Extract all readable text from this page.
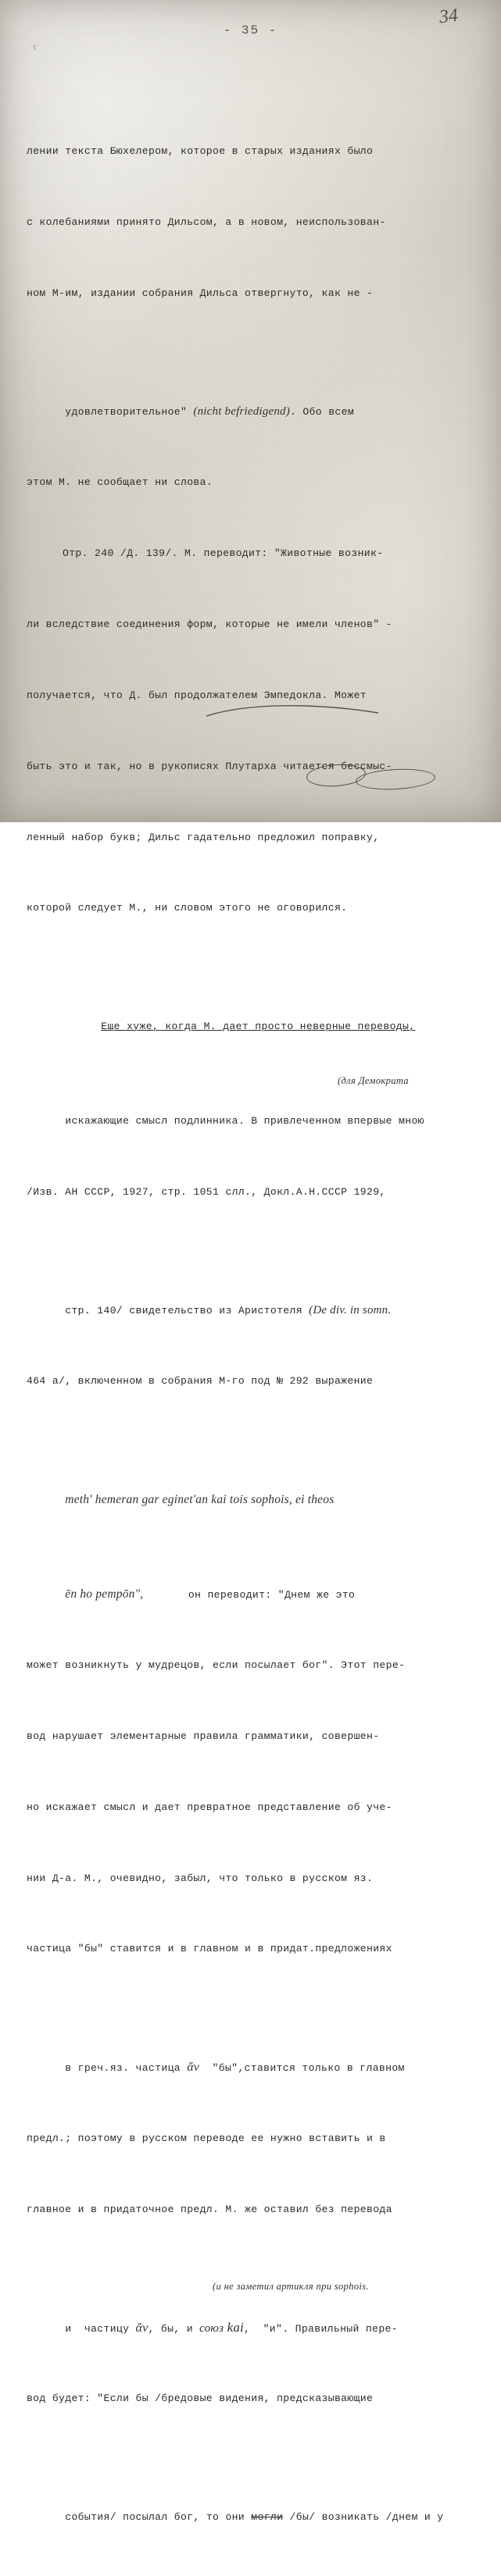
- 35 -
34
г

лении текста Бюхелером, которое в старых изданиях было

с колебаниями принято Дильсом, а в новом, неиспользован-

ном М-им, издании собрания Дильса отвергнуто, как не -

удовлетворительное" (nicht befriedigend). Обо всем

этом М. не сообщает ни слова.

Отр. 240 /Д. 139/. М. переводит: "Животные возник-

ли вследствие соединения форм, которые не имели членов" -

получается, что Д. был продолжателем Эмпедокла. Может

быть это и так, но в рукописях Плутарха читается бессмыс-

ленный набор букв; Дильс гадательно предложил поправку,

которой следует М., ни словом этого не оговорился.

Еще хуже, когда М. дает просто неверные переводы,

искажающие смысл подлинника. В привлеченном впервые мною

(для Демокрита

/Изв. АН СССР, 1927, стр. 1051 слл., Докл.А.Н.СССР 1929,

стр. 140/ свидетельство из Аристотеля (De div. in somn.

464 а/, включенном в собрания М-го под № 292 выражение

meth' hemeran gar eginet'an kai tois sophois, ei theos

ēn ho pempōn",       он переводит: "Днем же это

может возникнуть у мудрецов, если посылает бог". Этот пере-

вод нарушает элементарные правила грамматики, совершен-

но искажает смысл и дает превратное представление об уче-

нии Д-а. М., очевидно, забыл, что только в русском яз.

частица "бы" ставится и в главном и в придат.предложениях

в греч.яз. частица ἄν  "бы",ставится только в главном

предл.; поэтому в русском переводе ее нужно вставить и в

главное и в придаточное предл. М. же оставил без перевода

и  частицу ἄν, бы, и союз kai,  "и". Правильный пере-

(и не заметил артикля при sophois.

вод будет: "Если бы /бредовые видения, предсказывающие

события/ посылал бог, то они могли /бы/ возникать /днем и у
